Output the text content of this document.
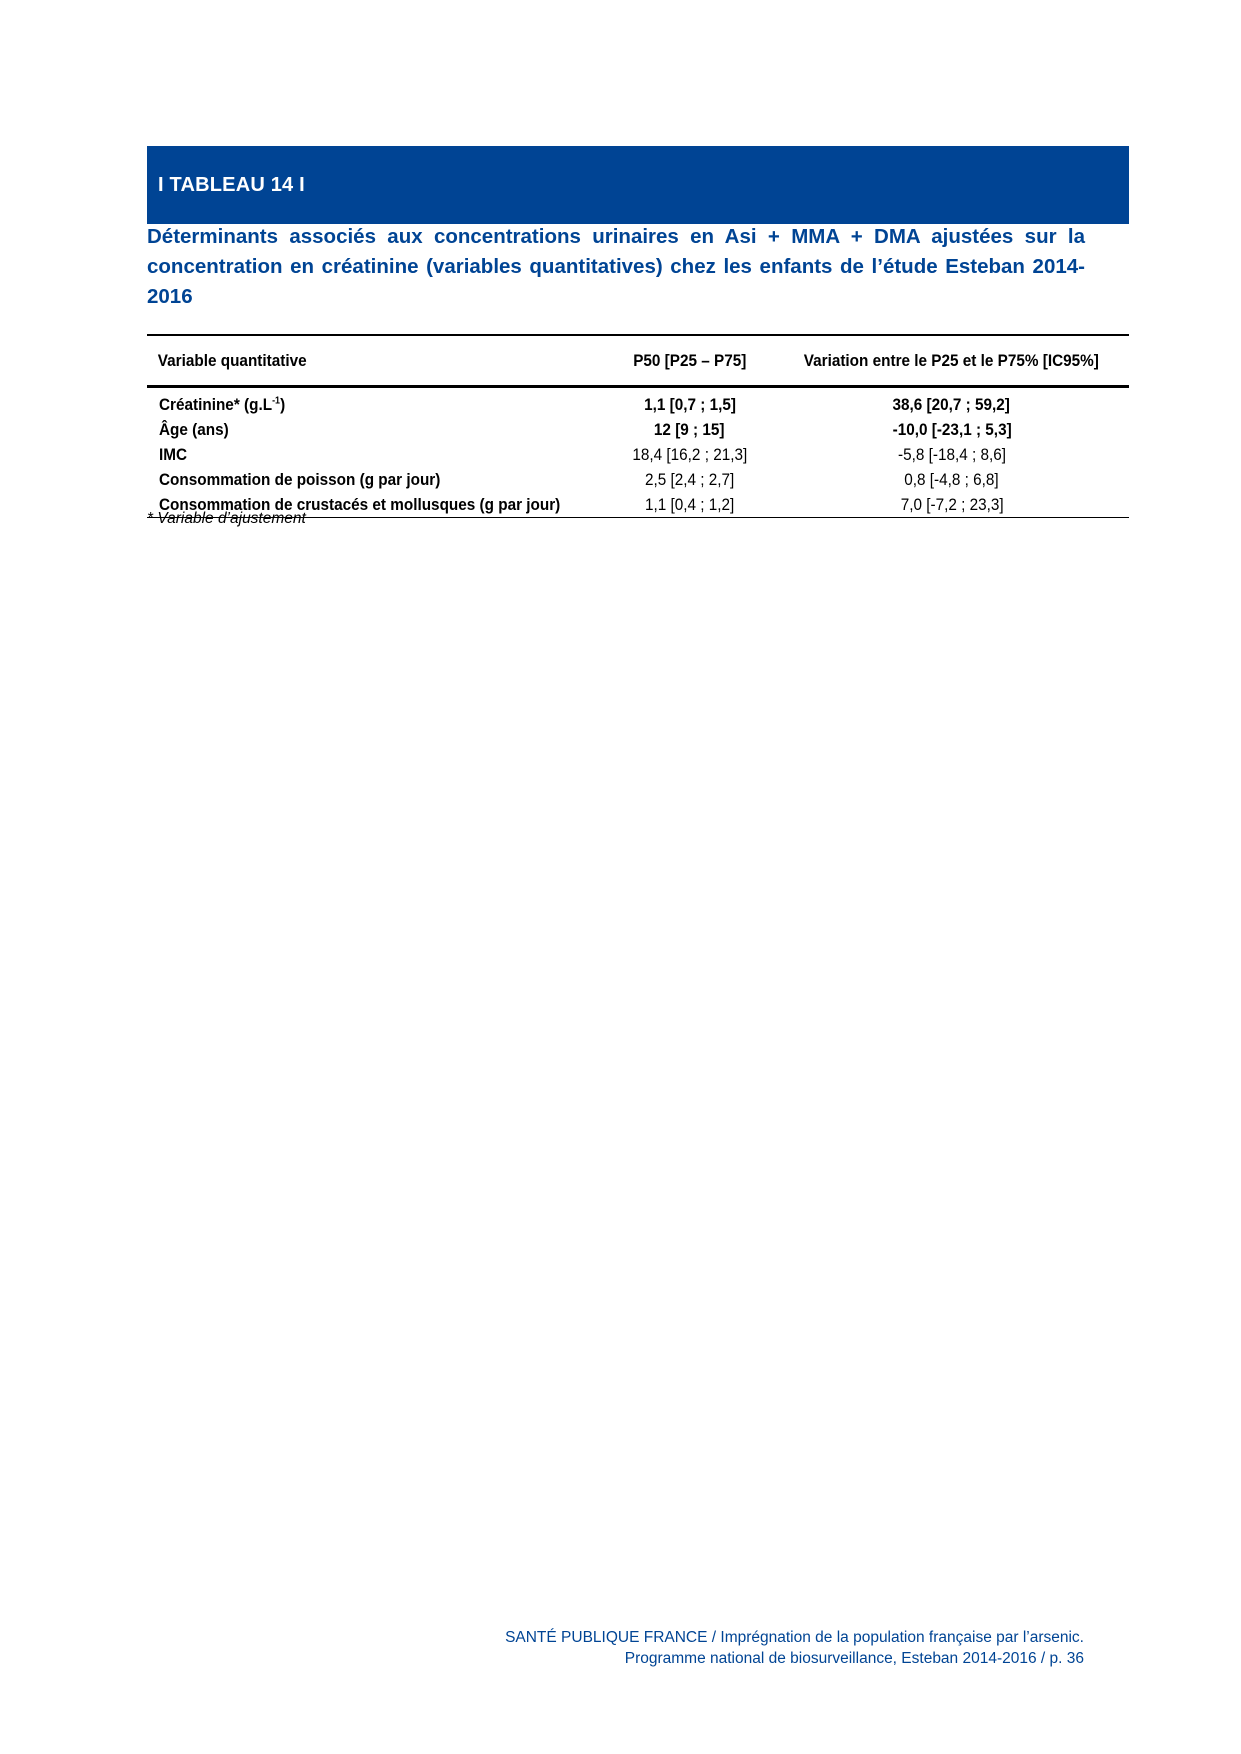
I TABLEAU 14 I
Déterminants associés aux concentrations urinaires en Asi + MMA + DMA ajustées sur la concentration en créatinine (variables quantitatives) chez les enfants de l’étude Esteban 2014-2016
Variable quantitative	P50 [P25 – P75]	Variation entre le P25 et le P75% [IC95%]
Créatinine* $(g.L^{-1})$	1,1 [0,7 ; 1,5]	38,6 [20,7 ; 59,2]
Âge (ans)	12 [9 ; 15]	-10,0 [-23,1 ; 5,3]
IMC	18,4 [16,2 ; 21,3]	-5,8 [-18,4 ; 8,6]
Consommation de poisson (g par jour)	2,5 [2,4 ; 2,7]	0,8 [-4,8 ; 6,8]
Consommation de crustacés et mollusques (g par jour)	1,1 [0,4 ; 1,2]	7,0 [-7,2 ; 23,3]
* Variable d’ajustement
SANTÉ PUBLIQUE FRANCE / Imprégnation de la population française par l’arsenic.
Programme national de biosurveillance, Esteban 2014-2016 / p. 36
